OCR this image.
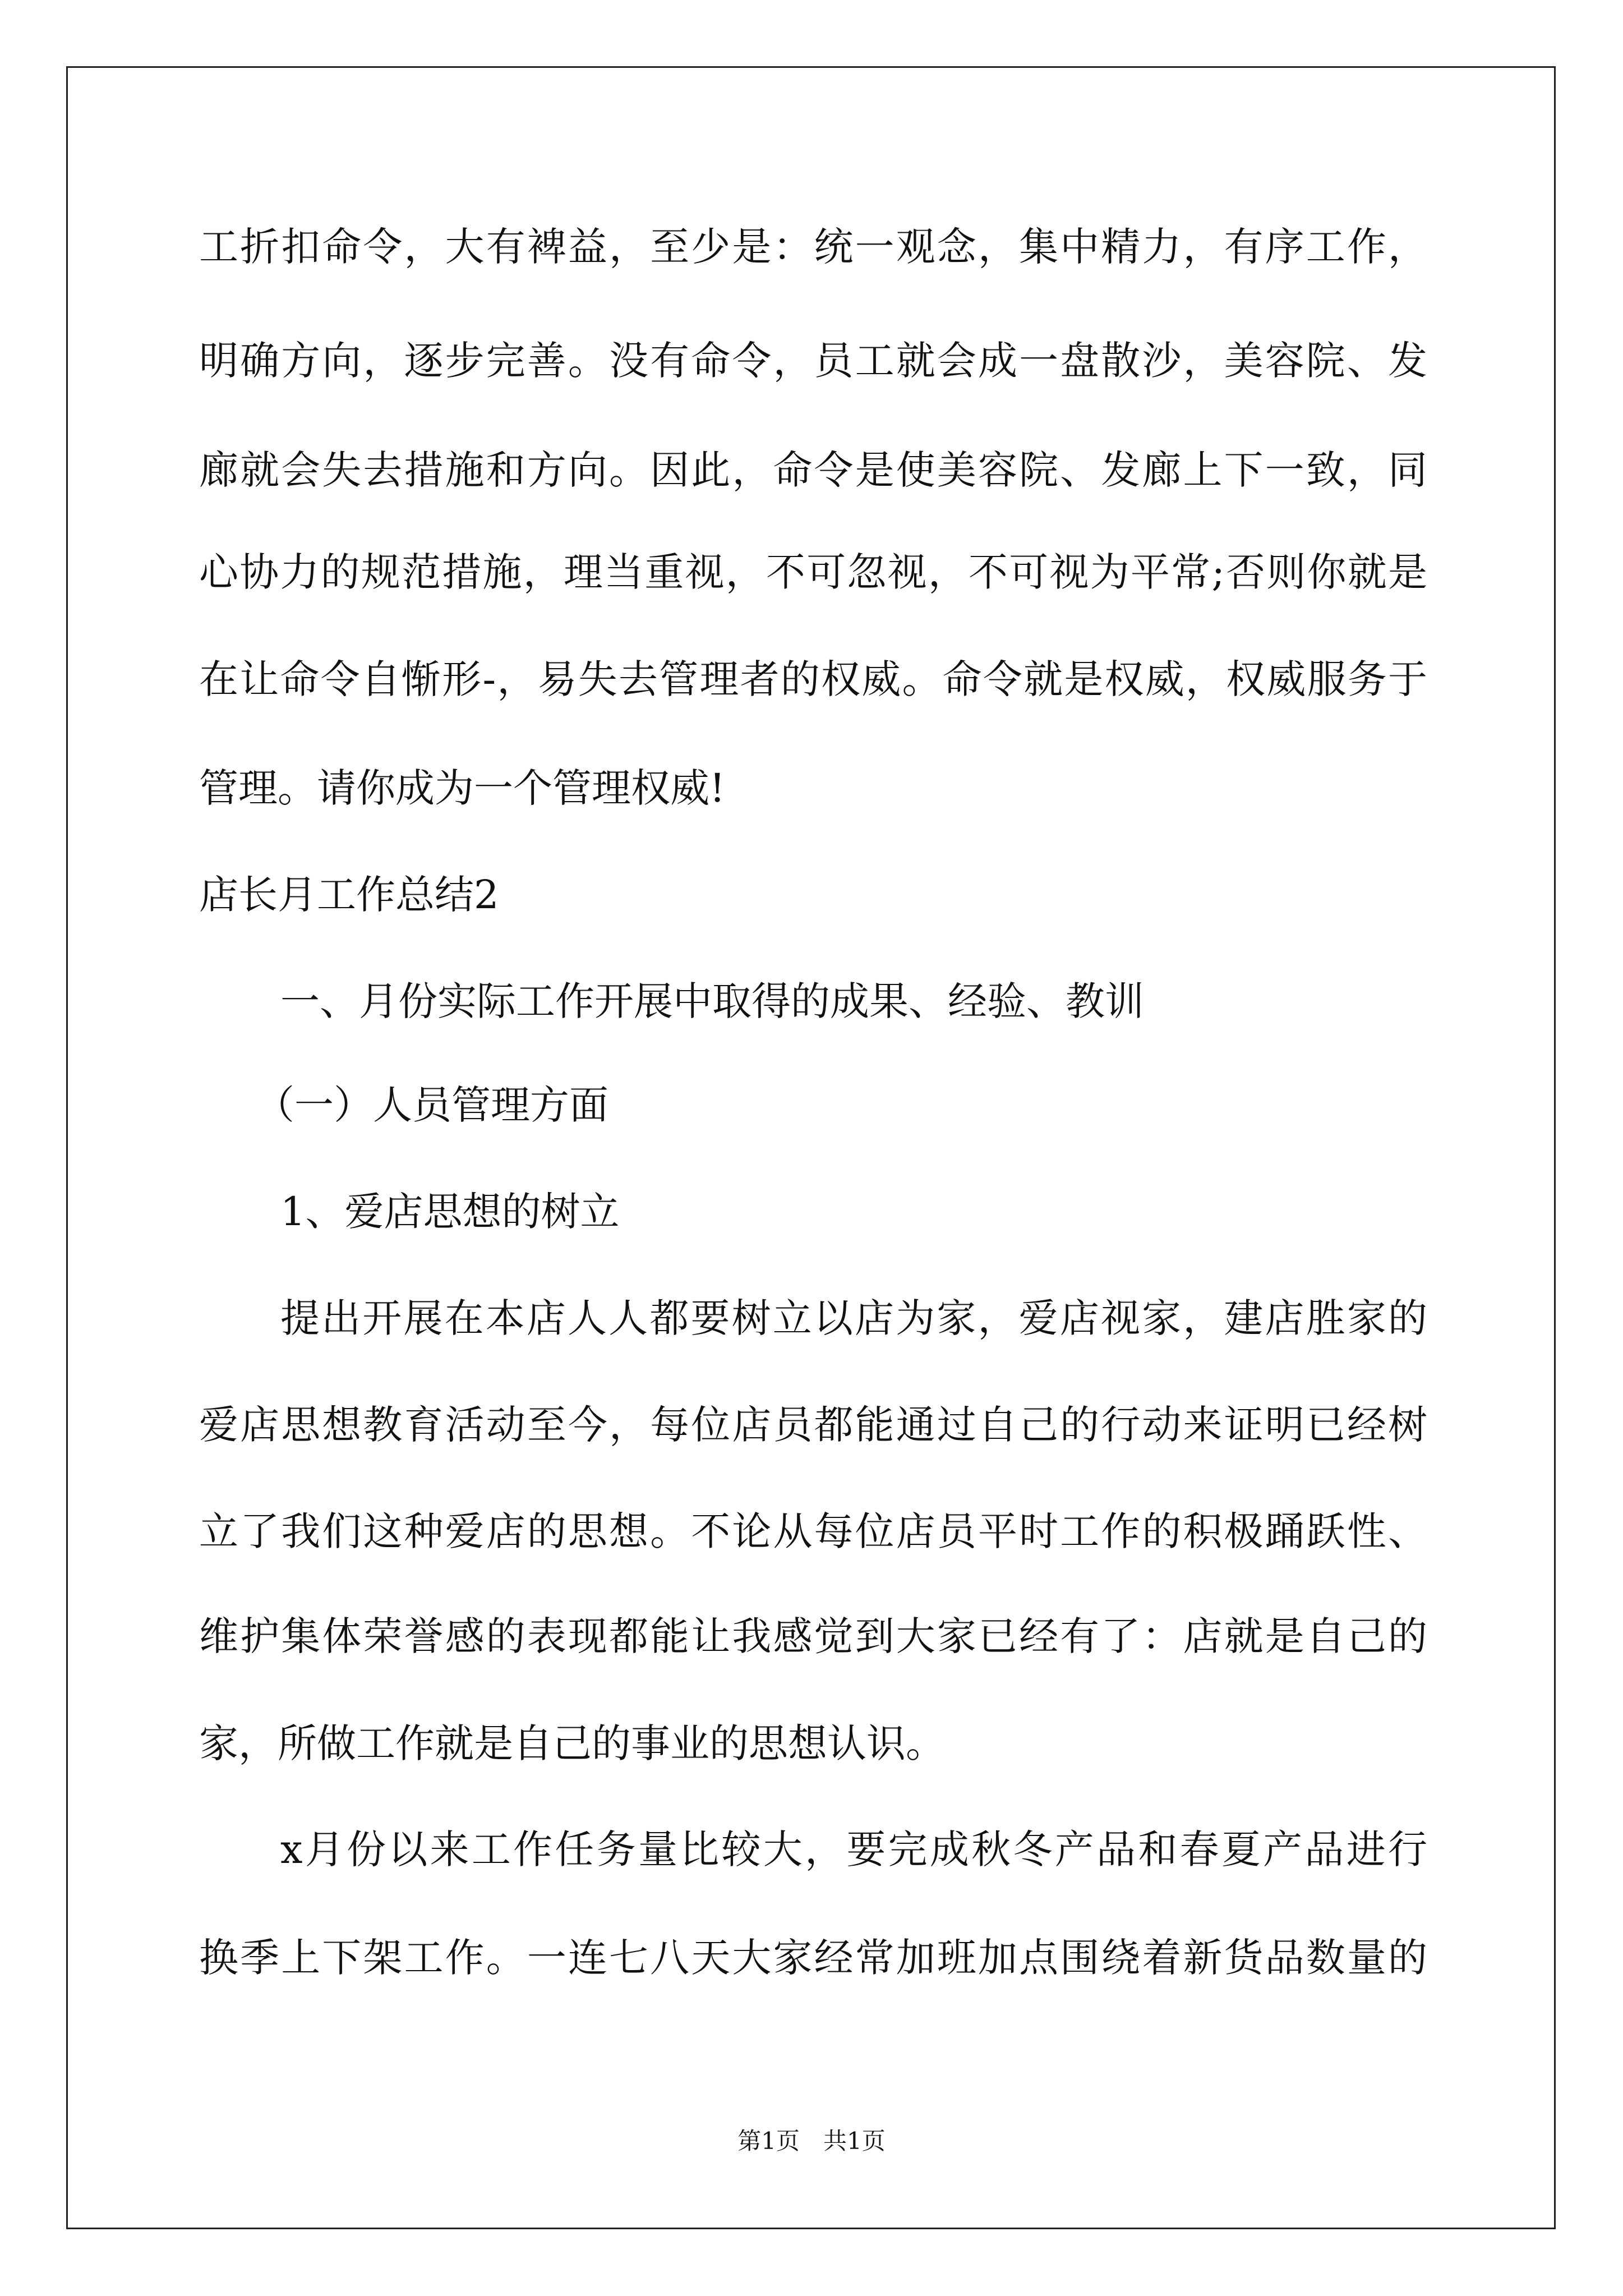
工折扣命令，大有裨益，至少是：统一观念，集中精力，有序工作，
明确方向，逐步完善。没有命令，员工就会成一盘散沙，美容院、发
廊就会失去措施和方向。因此，命令是使美容院、发廊上下一致，同
心协力的规范措施，理当重视，不可忽视，不可视为平常;否则你就是
在让命令自惭形-，易失去管理者的权威。命令就是权威，权威服务于
管理。请你成为一个管理权威!
店长月工作总结2
一、月份实际工作开展中取得的成果、经验、教训
（一）人员管理方面
1、爱店思想的树立
提出开展在本店人人都要树立以店为家，爱店视家，建店胜家的
爱店思想教育活动至今，每位店员都能通过自己的行动来证明已经树
立了我们这种爱店的思想。不论从每位店员平时工作的积极踊跃性、
维护集体荣誉感的表现都能让我感觉到大家已经有了：店就是自己的
家，所做工作就是自己的事业的思想认识。
x月份以来工作任务量比较大，要完成秋冬产品和春夏产品进行
换季上下架工作。一连七八天大家经常加班加点围绕着新货品数量的
第1页　共1页
